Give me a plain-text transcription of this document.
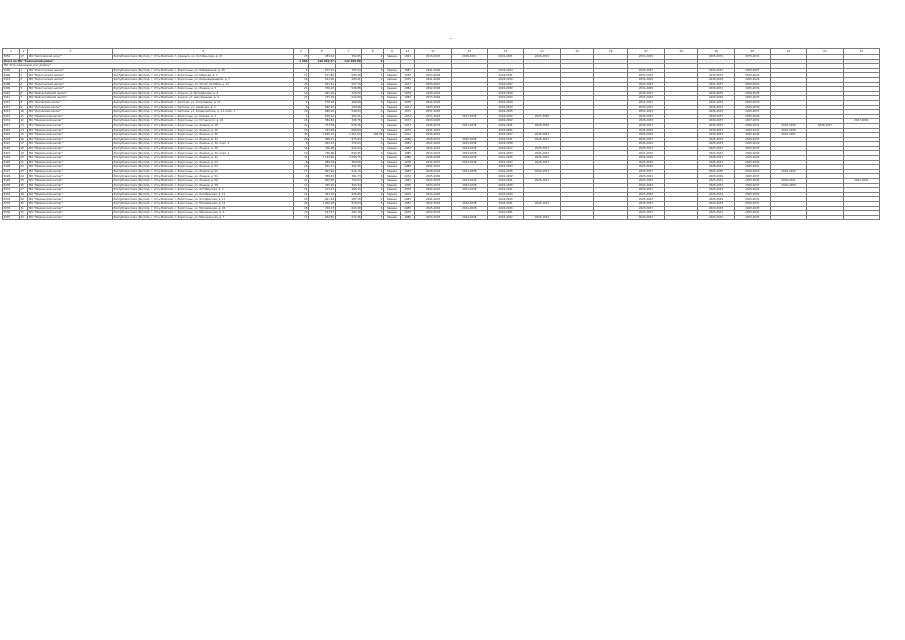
-
1	2	3	4	5	6	7	8	9	10	11	12	13	14	15	16	17	18	19	20	21	22	23
5054	17	МО "Шатковский округ"	Республика Саха (Якутия), г. Усть-Майский, п. Хандыга, ул. Октябрьская, д. 21	15	283,44	252,05	0	Здание	1961	2013-2023	2045-2051	2024-2031	2024-2031			2031-2034		2025-2031	2075-2031			
Итого по МО "Томпонский район"				1 966	120 891,27	112 490,98	0															
МО "Усть-Алданский улус (район)"																						
5205	1	МО "Борогонский наслег"	Республика Саха (Якутия), г. Усть-Майский, с. Борогонцы, ул. Набережная, д. 45	4	675,34	783,24	0	Здание	1981	2041-2006		2024-2024				2042-2037		2034-2027	2035-2027			
5206	2	МО "Борогонский наслег"	Республика Саха (Якутия), г. Усть-Майский, с. Борогонцы, ул. Маркова, д. 2	11	671,80	695,48	0	Здание	1976	2023-2029		2024-2031				2051-2033		2030-2037	2025-2023			
5207	3	МО "Борогонский наслег"	Республика Саха (Якутия), г. Усть-Майский, с. Борогонцы, ул. Каландарашвили, д. 7	14	631,92	560,41	0	Здание	1975	2021-2026		2023-2030				2031-2034		2030-2030	2025-2029			
5208	4	МО "Борогонский наслег"	Республика Саха (Якутия), г. Усть-Майский, с. Борогонцы, ул. 50 лет Октября, д. 12	23	561,43	527,70	0	Здание	1977	2023-2027		2024-2027				2021-2033		2021-2037	2025-2031			
5209	5	МО "Борогонский наслег"	Республика Саха (Якутия), г. Усть-Майский, с. Борогонцы, ул. Ленина, д. 5	22	706,20	548,88	0	Здание	1982	2022-2026		2024-2030				2031-2036		2030-2031	2025-2034			
5210	6	МО "Баягантайский наслег"	Республика Саха (Якутия), г. Усть-Майский, с. Хорула, ул. Молодёжная, д. 2	12	491,16	435,62	0	Здание	1979	2040-2024		2023-2030				2032-2037		2030-2035	2026-2036			
5211	7	МО "Баягантайский наслег"	Республика Саха (Якутия), г. Усть-Майский, с. Хорула, ул. Центральная, д. 4	23	725,39	612,99	0	Здание	1983	2073-2049		2024-2033				2025-2034		2023-2036	2025-2033			
5212	8	МО "Легойский наслег"	Республика Саха (Якутия), г. Усть-Майский, с. Кептени, ул. Спортивная, д. 11	4	578,18	489,68	0	Здание	1978	2042-2033		2024-2034				2021-2027		2025-2033	2025-2033			
5213	9	МО "Легойский наслег"	Республика Саха (Якутия), г. Усть-Майский, с. Кептени, ул. Северная, д. 3	8	585,45	440,98	0	Здание	1971	2023-2033		2024-2033				2032-2031		2026-2031	2025-2030			
5214	10	МО "Легойский наслег"	Республика Саха (Якутия), г. Усть-Майский, с. Кептени, ул. Клары Цеткин, д. 11, корп. 1	10	680,20	599,03	0	Здание	1973	2037-2043		2024-2035				2051-2033		2030-2037	2025-2037			
5215	11	МО "Мюрюнский наслег"	Республика Саха (Якутия), г. Усть-Майский, с. Борогонцы, ул. Кирова, д. 3	7	526,44	455,21	0	Здание	1974	2017-2024	2027-2038	2024-2030	2027-2030			2023-2031		2029-2037	2025-2029			
5216	12	МО "Мюрюнский наслег"	Республика Саха (Якутия), г. Усть-Майский, с. Борогонцы, ул. Котовского, д. 10	15	384,84	328,76	0	Здание	1971	2020-2025		2024-2032				2025-2030		2029-2037	2027-2031			2027-2034
5217	13	МО "Мюрюнский наслег"	Республика Саха (Якутия), г. Усть-Майский, с. Борогонцы, ул. Ленина, д. 18	12	707,58	635,26	0	Здание	1974	2026-2033	2021-2038	2024-2031	2029-2036			2022-2037		2034-2027	2046-2031	2045-2034	2040-2037	
5218	14	МО "Мюрюнский наслег"	Республика Саха (Якутия), г. Усть-Майский, с. Борогонцы, ул. Ленина, д. 28	14	723,82	660,54	0	Здание	1979	2041-2023		2024-2031				2035-2039		2030-2037	2024-2033	2045-2038		
5219	15	МО "Мюрюнский наслег"	Республика Саха (Якутия), г. Усть-Майский, с. Борогонцы, ул. Ленина, д. 30	43	1 469,70	1 251,50	300,08	Здание	2011	2046-2054		2024-2047	2045-2054			2023-2034		2034-2033	2045-2044	2042-2053		
5220	16	МО "Мюрюнский наслег"	Республика Саха (Якутия), г. Усть-Майский, с. Борогонцы, ул. Ленина, д. 34	29	968,21	873,63	0	Здание	1980	2028-2031	2020-2038	2024-2031	2024-2041			2033-2037		2025-2037	2025-2033			
5221	17	МО "Мюрюнский наслег"	Республика Саха (Якутия), г. Усть-Майский, с. Борогонцы, ул. Ленина, д. 36, корп. 2	8	404,14	372,63	0	Здание	1981	2022-2025	2023-2038	2023-2038				2032-2032		2025-2033	2025-2029			
5222	18	МО "Мюрюнский наслег"	Республика Саха (Якутия), г. Усть-Майский, с. Борогонцы, ул. Ленина, д. 38	16	706,98	620,44	0	Здание	1983	2014-2023	2024-2038	2024-2027	2023-2031			2023-2031		2025-2031	2025-2033			
5223	19	МО "Мюрюнский наслег"	Республика Саха (Якутия), г. Усть-Майский, с. Борогонцы, ул. Ленина, д. 40, корп. 1	19	796,68	693,95	0	Здание	1985	2013-2023	2024-2038	2024-2033	2024-2033			2021-2032		2023-2031	2025-2032			
5224	20	МО "Мюрюнский наслег"	Республика Саха (Якутия), г. Усть-Майский, с. Борогонцы, ул. Ленина, д. 42	32	1 193,66	1 046,75	0	Здание	1986	2026-2036	2024-2038	2021-2025	2024-2032			2025-2036		2026-2031	2025-2034			
5225	21	МО "Мюрюнский наслег"	Республика Саха (Якутия), г. Усть-Майский, с. Борогонцы, ул. Ленина, д. 44	8	389,19	360,66	0	Здание	1978	2014-2037	2024-2038	2024-2037	2024-2037			2023-2034		2025-2031	2025-2034			
5226	22	МО "Мюрюнский наслег"	Республика Саха (Якутия), г. Усть-Майский, с. Борогонцы, ул. Ленина, д. 50	13	501,11	447,38	0	Здание	1980	2041-2031		2023-2033				2023-2035		2026-2031	2025-2031			
5227	23	МО "Мюрюнский наслег"	Республика Саха (Якутия), г. Усть-Майский, с. Борогонцы, ул. Ленина, д. 52	17	693,62	624,70	0	Здание	1984	2028-2034	2021-2038	2024-2035	2022-2031			2023-2037		2025-2030	2025-2033	2045-2034		
5228	24	МО "Мюрюнский наслег"	Республика Саха (Якутия), г. Усть-Майский, с. Борогонцы, ул. Ленина, д. 54	9	389,63	361,73	0	Здание	1974	2025-2036		2024-2032				2023-2031		2025-2031	2025-2037			
5229	25	МО "Мюрюнский наслег"	Республика Саха (Якутия), г. Усть-Майский, с. Борогонцы, ул. Ленина, д. 56	21	845,48	759,03	0	Здание	1981	2022-2025	2024-2038	2024-2031	2024-2031			2023-2033		2025-2031	2025-2034	2045-2031		2021-2025
5230	26	МО "Мюрюнский наслег"	Республика Саха (Якутия), г. Усть-Майский, с. Борогонцы, ул. Ленина, д. 58	11	445,20	403,24	0	Здание	1976	2023-2033	2024-2038	2024-2030				2031-2033		2025-2031	2025-2037	2045-2033		
5231	27	МО "Мюрюнский наслег"	Республика Саха (Якутия), г. Усть-Майский, с. Борогонцы, ул. Октябрьская, д. 3	14	513,43	465,44	0	Здание	1979	2024-2025	2021-2038	2024-2031				2023-2037		2025-2033	2025-2034			
5232	28	МО "Мюрюнский наслег"	Республика Саха (Якутия), г. Усть-Майский, с. Борогонцы, ул. Октябрьская, д. 11	12	491,32	441,85	0	Здание	1974	2024-2026		2024-2033				2021-2032		2025-2031	2025-2033			
5233	29	МО "Мюрюнский наслег"	Республика Саха (Якутия), г. Усть-Майский, с. Борогонцы, ул. Октябрьская, д. 17	15	647,49	587,76	0	Здание	1983	2041-2023		2024-2030				2025-2033		2025-2029	2025-2031			
5234	30	МО "Мюрюнский наслег"	Республика Саха (Якутия), г. Усть-Майский, с. Борогонцы, ул. Молодёжная, д. 12	26	1 005,03	879,54	0	Здание	1987	2022-2023	2024-2038	2024-2031	2024-2031			2023-2033		2023-2033	2025-2037			
5235	31	МО "Мюрюнский наслег"	Республика Саха (Якутия), г. Усть-Майский, с. Борогонцы, ул. Молодёжная, д. 24	18	709,73	643,28	0	Здание	1985	2025-2034	2021-2038	2024-2030				2023-2037		2023-2033	2025-2033			
5236	32	МО "Мюрюнский наслег"	Республика Саха (Якутия), г. Усть-Майский, с. Борогонцы, ул. Мегежекская, д. 4	13	541,57	492,18	0	Здание	1979	2029-2033		2024-2031				2021-2033		2025-2031	2025-2031			
5237	33	МО "Мюрюнский наслег"	Республика Саха (Якутия), г. Усть-Майский, с. Борогонцы, ул. Мегежекская, д. 7	17	642,81	572,96	0	Здание	1982	2023-2033	2024-2038	2024-2032	2024-2032			2023-2031		2025-2031	2025-2033			
